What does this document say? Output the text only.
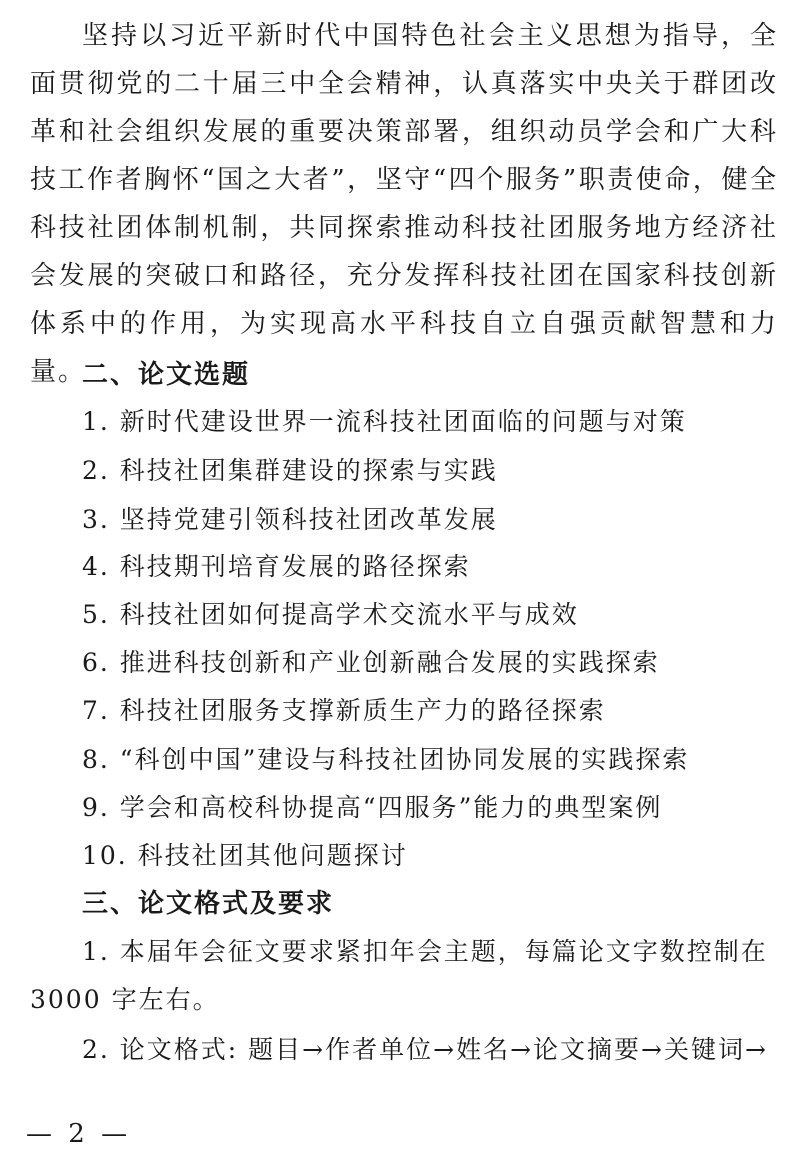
坚持以习近平新时代中国特色社会主义思想为指导，全面贯彻党的二十届三中全会精神，认真落实中央关于群团改革和社会组织发展的重要决策部署，组织动员学会和广大科技工作者胸怀“国之大者”，坚守“四个服务”职责使命，健全科技社团体制机制，共同探索推动科技社团服务地方经济社会发展的突破口和路径，充分发挥科技社团在国家科技创新体系中的作用，为实现高水平科技自立自强贡献智慧和力量。
二、论文选题
1. 新时代建设世界一流科技社团面临的问题与对策
2. 科技社团集群建设的探索与实践
3. 坚持党建引领科技社团改革发展
4. 科技期刊培育发展的路径探索
5. 科技社团如何提高学术交流水平与成效
6. 推进科技创新和产业创新融合发展的实践探索
7. 科技社团服务支撑新质生产力的路径探索
8. “科创中国”建设与科技社团协同发展的实践探索
9. 学会和高校科协提高“四服务”能力的典型案例
10. 科技社团其他问题探讨
三、论文格式及要求
1. 本届年会征文要求紧扣年会主题，每篇论文字数控制在3000 字左右。
2. 论文格式: 题目→作者单位→姓名→论文摘要→关键词→
— 2 —
